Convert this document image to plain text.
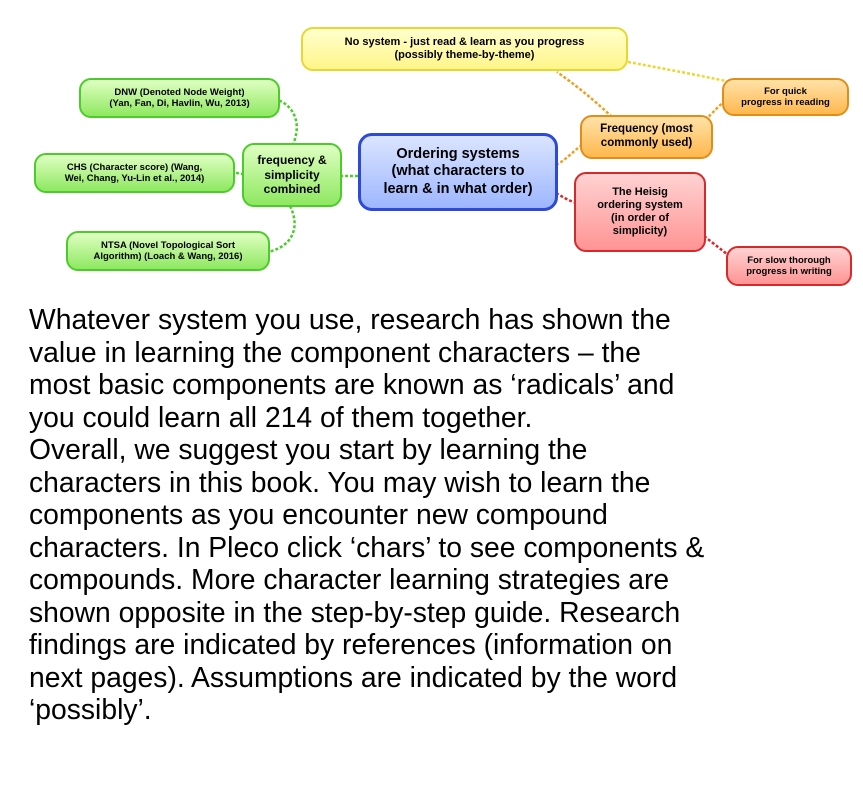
Ordering systems
(what characters to
learn & in what order)
Frequency (most
commonly used)
No system - just read & learn as you progress
(possibly theme-by-theme)
For quick
progress in reading
The Heisig
ordering system
(in order of
simplicity)
For slow thorough
progress in writing
frequency &
simplicity
combined
DNW (Denoted Node Weight)
(Yan, Fan, Di, Havlin, Wu, 2013)
CHS (Character score) (Wang,
Wei, Chang, Yu-Lin et al., 2014)
NTSA (Novel Topological Sort
Algorithm) (Loach & Wang, 2016)

Whatever system you use, research has shown the

value in learning the component characters – the

most basic components are known as ‘radicals’ and

you could learn all 214 of them together.

Overall, we suggest you start by learning the

characters in this book. You may wish to learn the

components as you encounter new compound

characters. In Pleco click ‘chars’ to see components &

compounds. More character learning strategies are

shown opposite in the step-by-step guide. Research

findings are indicated by references (information on

next pages). Assumptions are indicated by the word

‘possibly’.
